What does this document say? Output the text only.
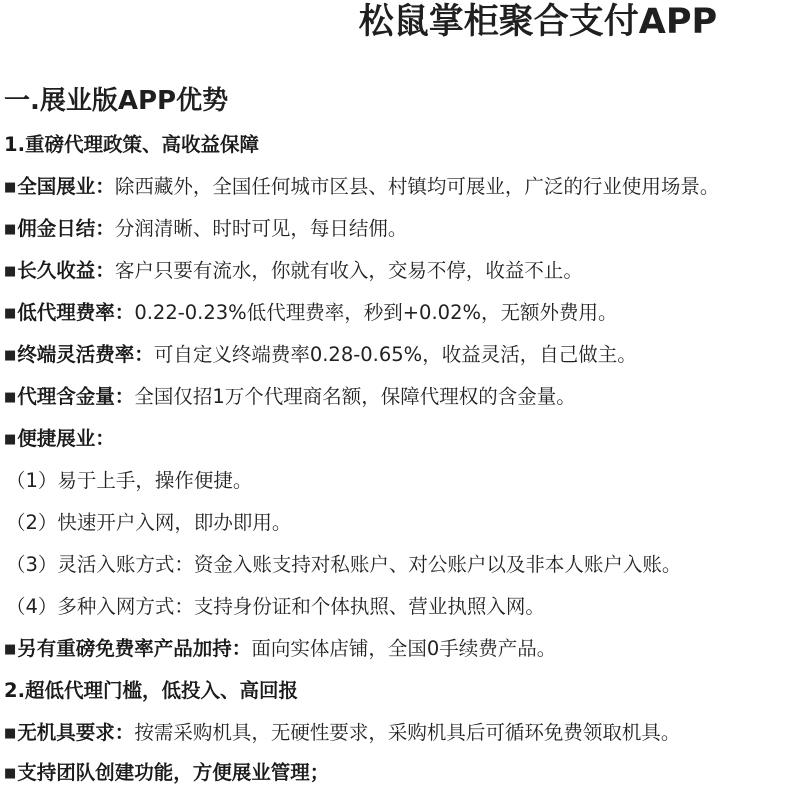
松鼠掌柜聚合支付APP
一.展业版APP优势
1.重磅代理政策、高收益保障
■全国展业：除西藏外，全国任何城市区县、村镇均可展业，广泛的行业使用场景。
■佣金日结：分润清晰、时时可见，每日结佣。
■长久收益：客户只要有流水，你就有收入，交易不停，收益不止。
■低代理费率：0.22-0.23%低代理费率，秒到+0.02%，无额外费用。
■终端灵活费率：可自定义终端费率0.28-0.65%，收益灵活，自己做主。
■代理含金量：全国仅招1万个代理商名额，保障代理权的含金量。
■便捷展业：
（1）易于上手，操作便捷。
（2）快速开户入网，即办即用。
（3）灵活入账方式：资金入账支持对私账户、对公账户以及非本人账户入账。
（4）多种入网方式：支持身份证和个体执照、营业执照入网。
■另有重磅免费率产品加持：面向实体店铺，全国0手续费产品。
2.超低代理门槛，低投入、高回报
■无机具要求：按需采购机具，无硬性要求，采购机具后可循环免费领取机具。
■支持团队创建功能，方便展业管理；
